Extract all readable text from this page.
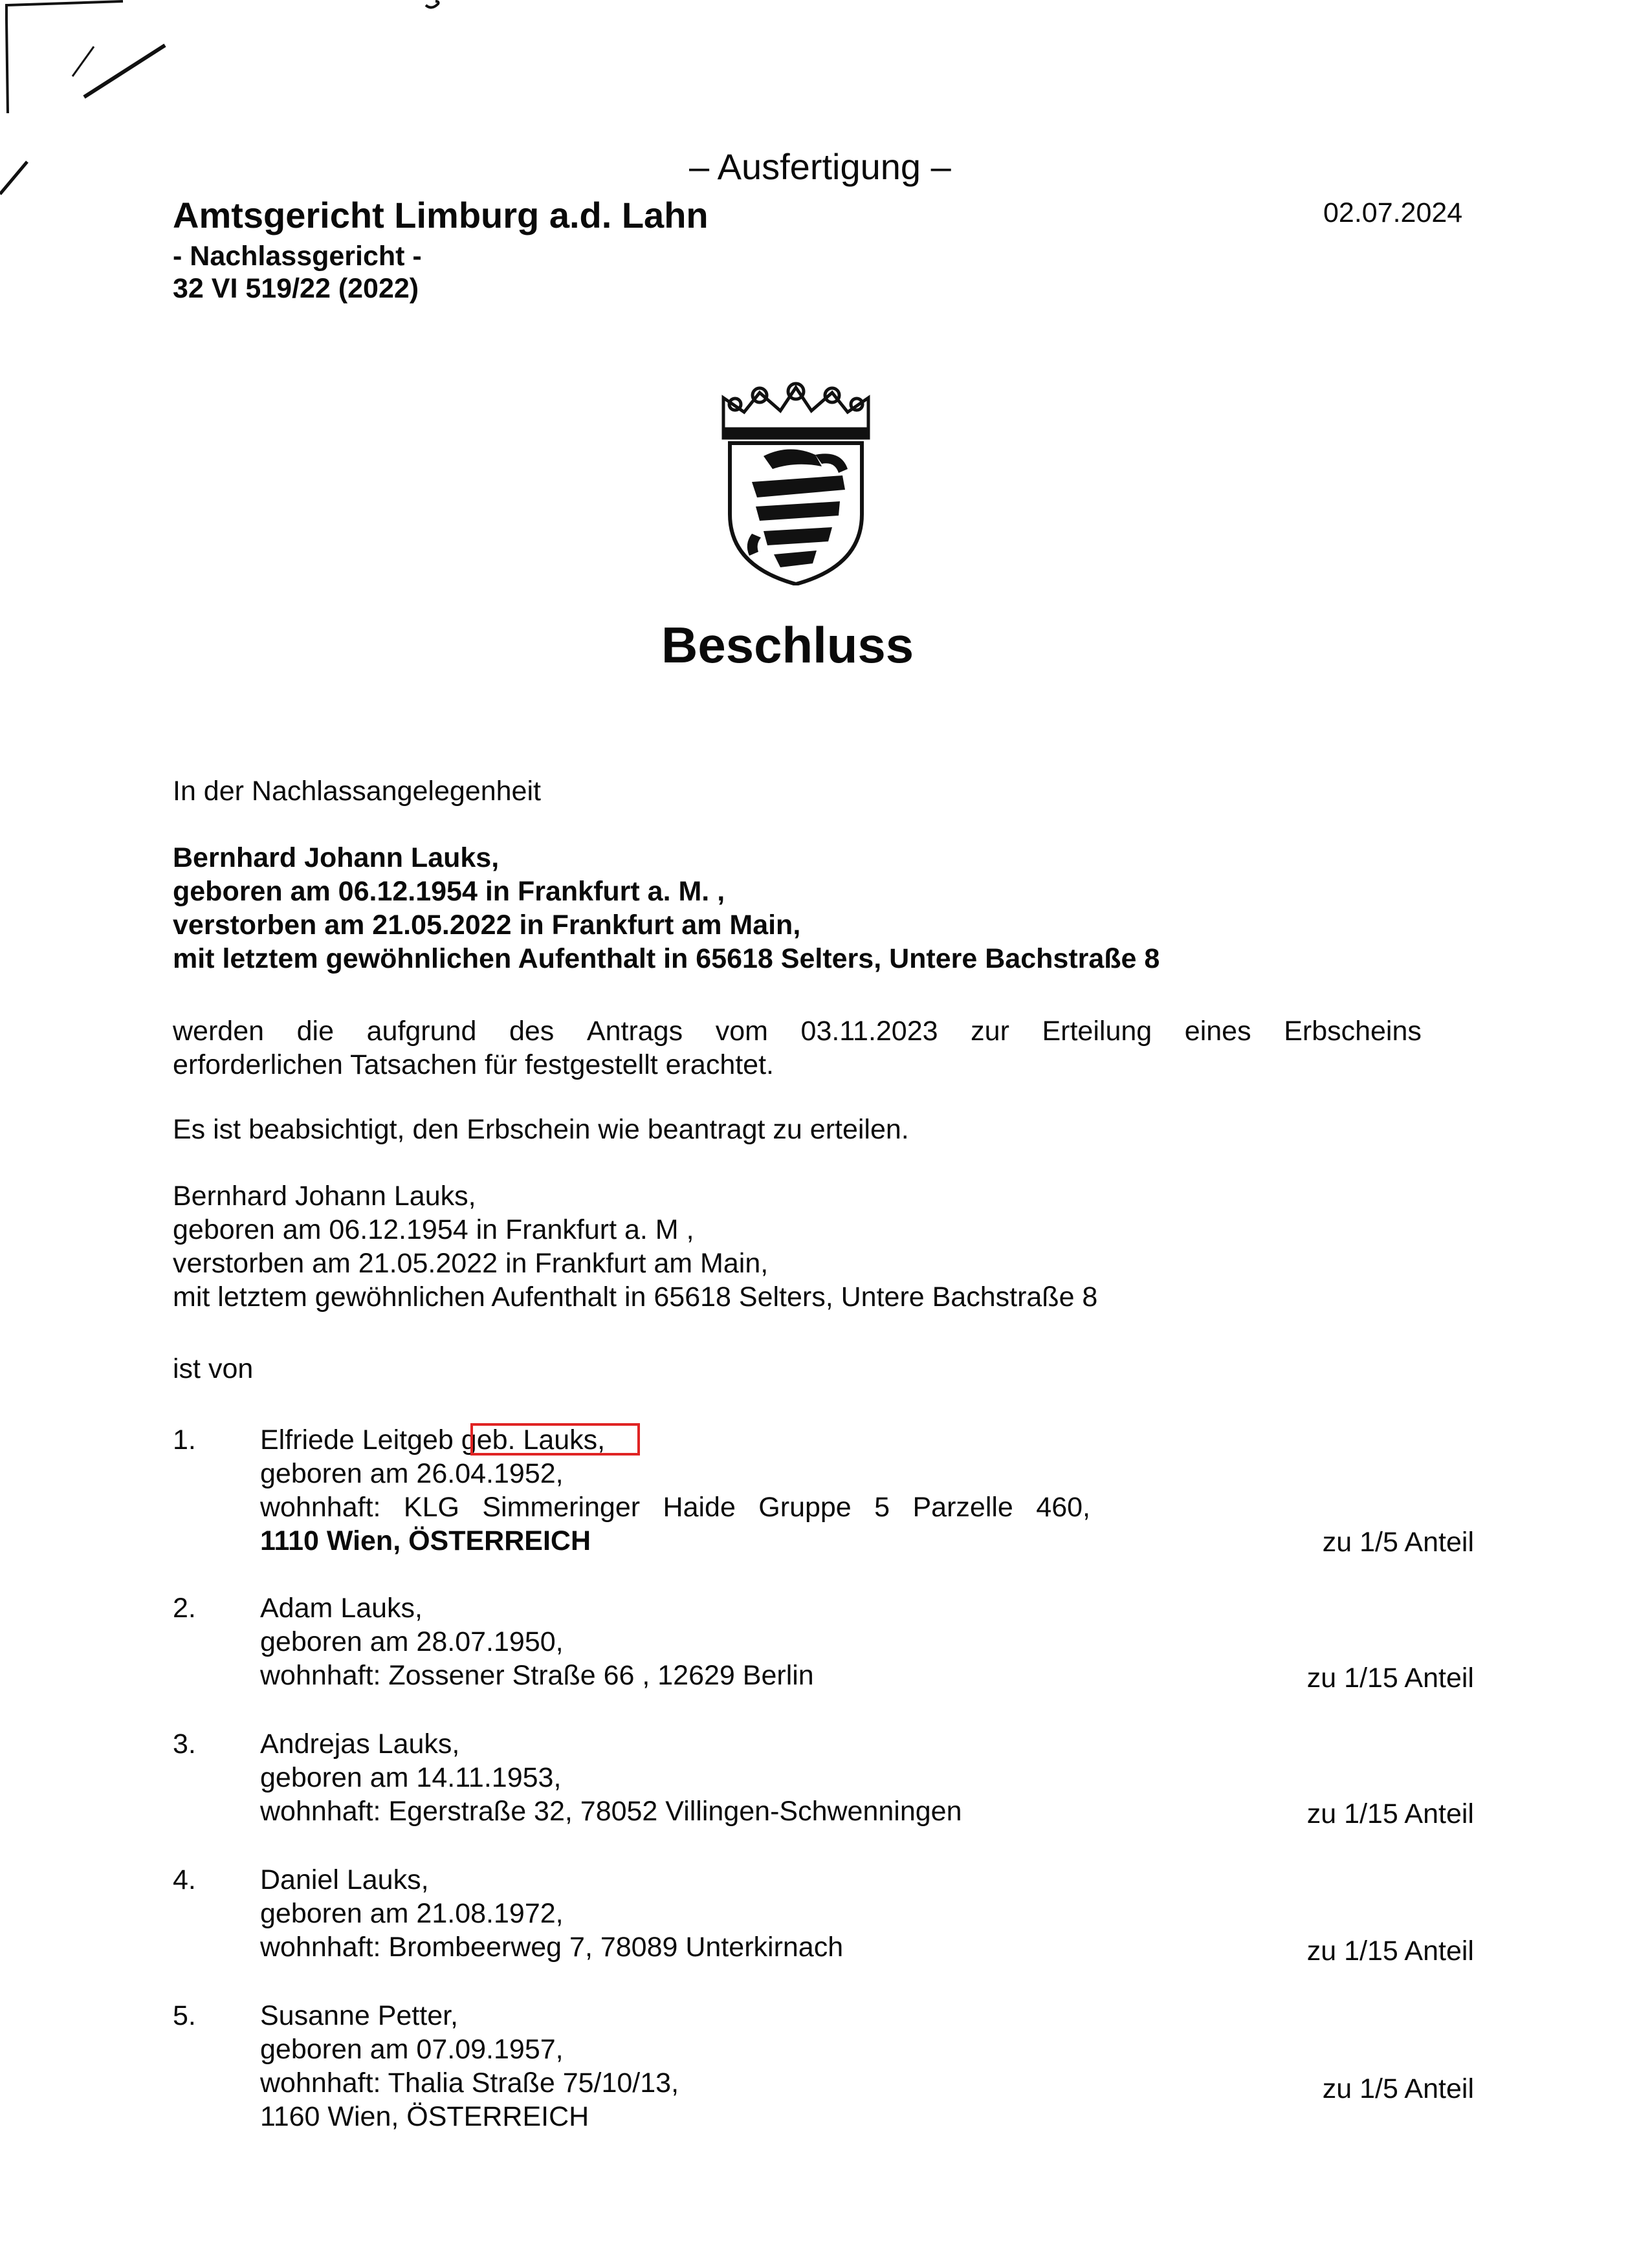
– Ausfertigung –
Amtsgericht Limburg a.d. Lahn
- Nachlassgericht -
32 VI 519/22 (2022)
02.07.2024
Beschluss
In der Nachlassangelegenheit
Bernhard Johann Lauks,
geboren am 06.12.1954 in Frankfurt a. M. ,
verstorben am 21.05.2022 in Frankfurt am Main,
mit letztem gewöhnlichen Aufenthalt in 65618 Selters, Untere Bachstraße 8
werden die aufgrund des Antrags vom 03.11.2023 zur Erteilung eines Erbscheins
erforderlichen Tatsachen für festgestellt erachtet.
Es ist beabsichtigt, den Erbschein wie beantragt zu erteilen.
Bernhard Johann Lauks,
geboren am 06.12.1954 in Frankfurt a. M ,
verstorben am 21.05.2022 in Frankfurt am Main,
mit letztem gewöhnlichen Aufenthalt in 65618 Selters, Untere Bachstraße 8
ist von
1. Elfriede Leitgeb geb. Lauks,
geboren am 26.04.1952,
wohnhaft: KLG Simmeringer Haide Gruppe 5 Parzelle 460,
1110 Wien, ÖSTERREICH	zu 1/5 Anteil
2. Adam Lauks,
geboren am 28.07.1950,
wohnhaft: Zossener Straße 66 , 12629 Berlin	zu 1/15 Anteil
3. Andrejas Lauks,
geboren am 14.11.1953,
wohnhaft: Egerstraße 32, 78052 Villingen-Schwenningen	zu 1/15 Anteil
4. Daniel Lauks,
geboren am 21.08.1972,
wohnhaft: Brombeerweg 7, 78089 Unterkirnach	zu 1/15 Anteil
5. Susanne Petter,
geboren am 07.09.1957,
wohnhaft: Thalia Straße 75/10/13,
1160 Wien, ÖSTERREICH
zu 1/5 Anteil
